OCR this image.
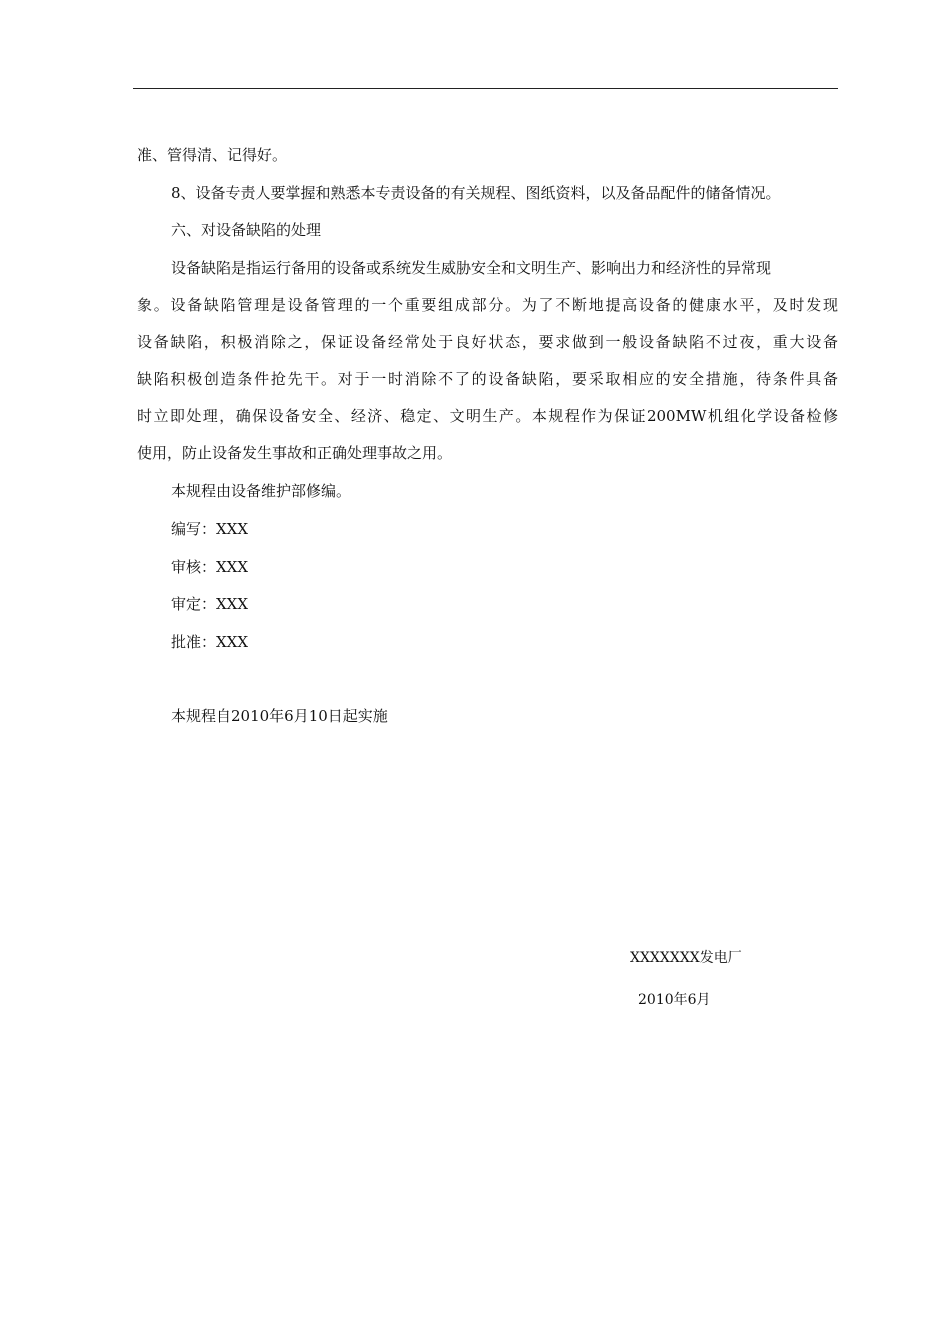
准、管得清、记得好。
8、设备专责人要掌握和熟悉本专责设备的有关规程、图纸资料，以及备品配件的储备情况。
六、对设备缺陷的处理
设备缺陷是指运行备用的设备或系统发生威胁安全和文明生产、影响出力和经济性的异常现
象。设备缺陷管理是设备管理的一个重要组成部分。为了不断地提高设备的健康水平，及时发现
设备缺陷，积极消除之，保证设备经常处于良好状态，要求做到一般设备缺陷不过夜，重大设备
缺陷积极创造条件抢先干。对于一时消除不了的设备缺陷，要采取相应的安全措施，待条件具备
时立即处理，确保设备安全、经济、稳定、文明生产。本规程作为保证200MW机组化学设备检修
使用，防止设备发生事故和正确处理事故之用。
本规程由设备维护部修编。
编写：XXX
审核：XXX
审定：XXX
批准：XXX
本规程自2010年6月10日起实施
XXXXXXX发电厂
2010年6月
